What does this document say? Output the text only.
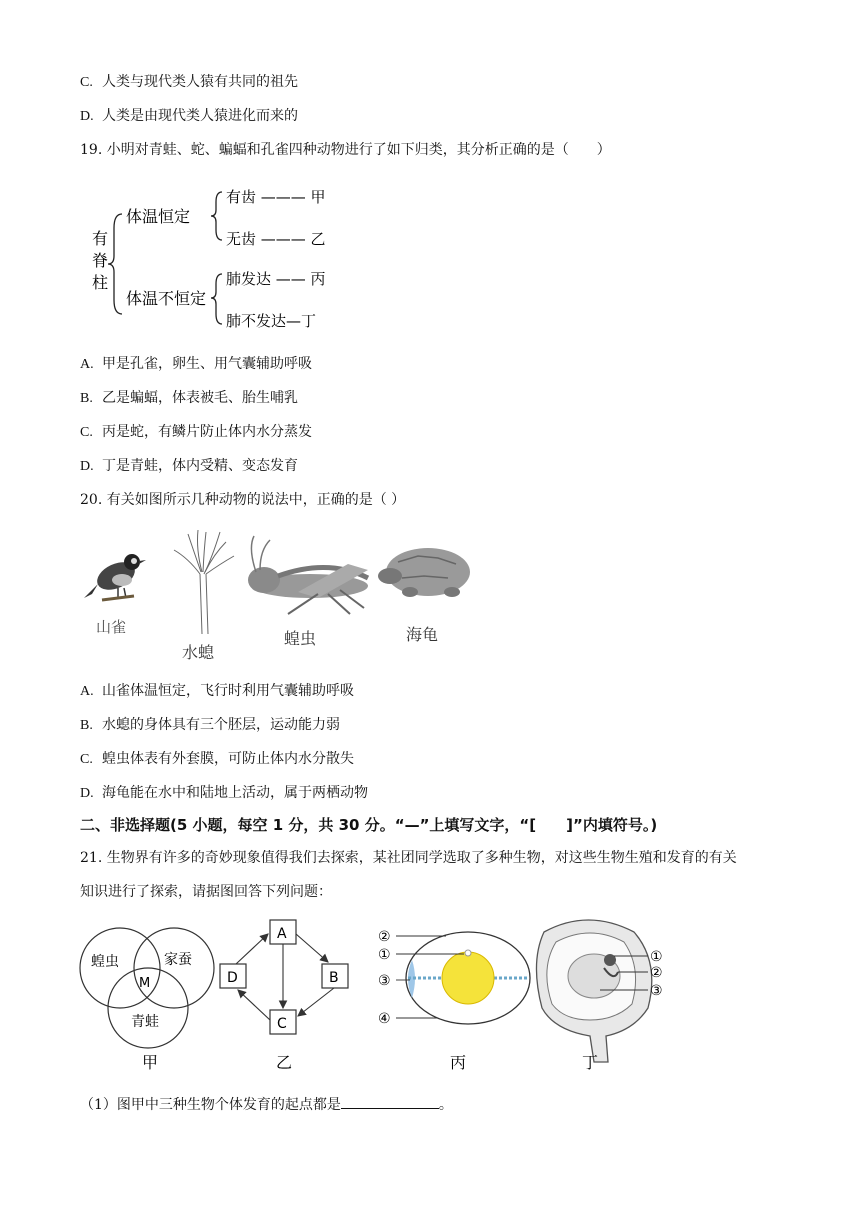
C. 人类与现代类人猿有共同的祖先
D. 人类是由现代类人猿进化而来的
19. 小明对青蛙、蛇、蝙蝠和孔雀四种动物进行了如下归类，其分析正确的是（　　）
有
脊
柱
体温恒定
体温不恒定
有齿 ——— 甲
无齿 ——— 乙
肺发达 —— 丙
肺不发达—丁
A. 甲是孔雀，卵生、用气囊辅助呼吸
B. 乙是蝙蝠，体表被毛、胎生哺乳
C. 丙是蛇，有鳞片防止体内水分蒸发
D. 丁是青蛙，体内受精、变态发育
20. 有关如图所示几种动物的说法中，正确的是（ ）
山雀
水螅
蝗虫	海龟
A. 山雀体温恒定，飞行时利用气囊辅助呼吸
B. 水螅的身体具有三个胚层，运动能力弱
C. 蝗虫体表有外套膜，可防止体内水分散失
D. 海龟能在水中和陆地上活动，属于两栖动物
二、非选择题(5 小题，每空 1 分，共 30 分。“—”上填写文字，“[　　]”内填符号。)
21. 生物界有许多的奇妙现象值得我们去探索，某社团同学选取了多种生物，对这些生物生殖和发育的有关
知识进行了探索，请据图回答下列问题：
蝗虫	家蚕
青蛙
M
甲
A
B
C
D
乙
②
①
③
④
丙
①
②
③
丁
（1）图甲中三种生物个体发育的起点都是	。
